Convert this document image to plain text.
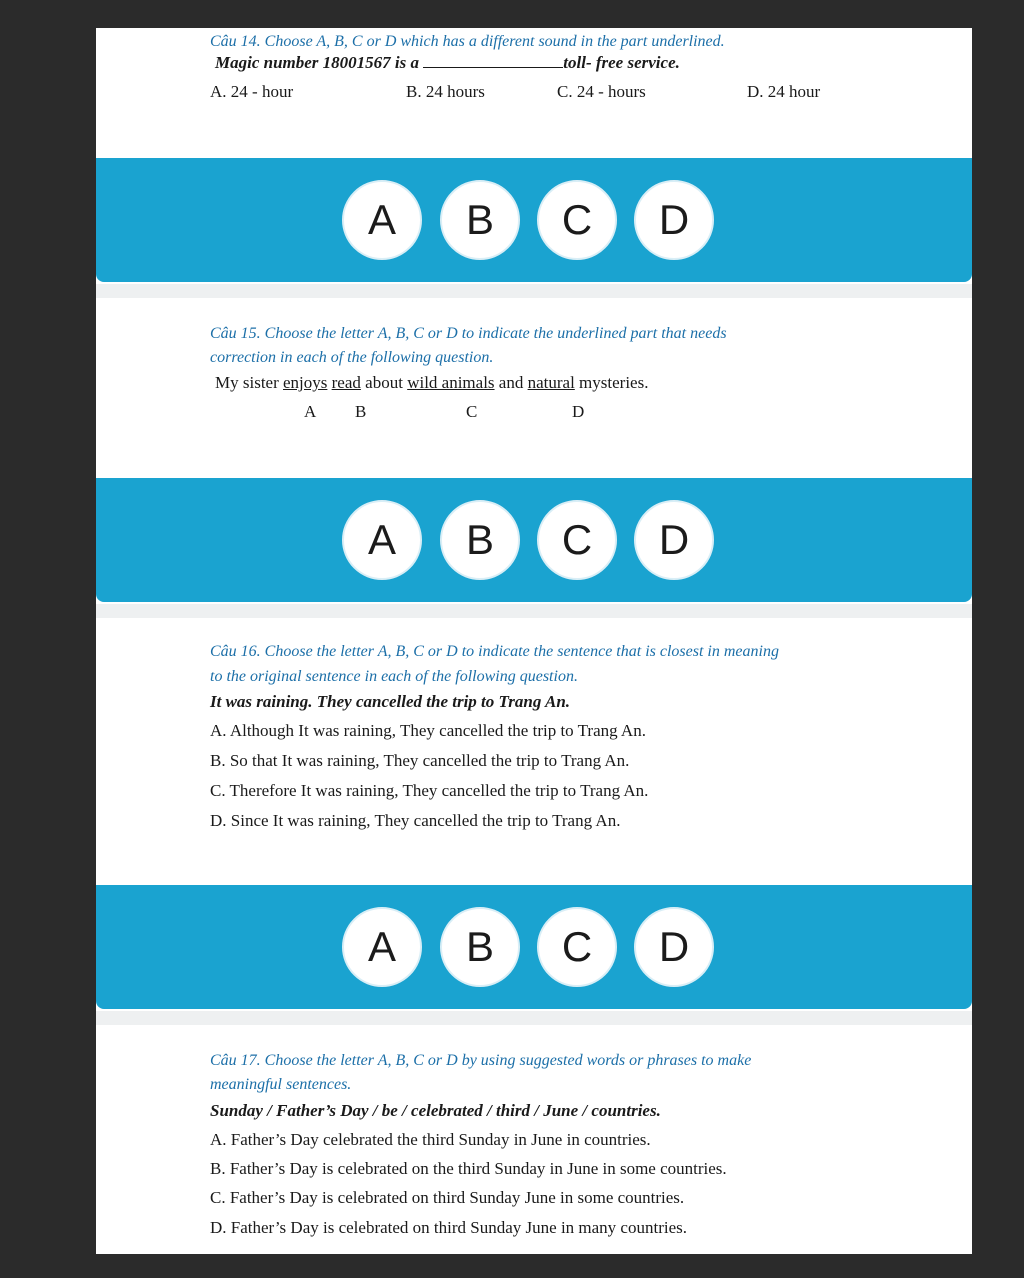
Câu 14. Choose A, B, C or D which has a different sound in the part underlined.
Magic number 18001567 is a	toll- free service.
A. 24 - hour	B. 24 hours	C. 24 - hours	D. 24 hour
A	B	C	D
Câu 15. Choose the letter A, B, C or D to indicate the underlined part that needs
correction in each of the following question.
My sister enjoys read about wild animals and natural mysteries.
A B	C	D
A	B	C	D
Câu 16. Choose the letter A, B, C or D to indicate the sentence that is closest in meaning
to the original sentence in each of the following question.
It was raining. They cancelled the trip to Trang An.
A. Although It was raining, They cancelled the trip to Trang An.
B. So that It was raining, They cancelled the trip to Trang An.
C. Therefore It was raining, They cancelled the trip to Trang An.
D. Since It was raining, They cancelled the trip to Trang An.
A	B	C	D
Câu 17. Choose the letter A, B, C or D by using suggested words or phrases to make
meaningful sentences.
Sunday / Father’s Day / be / celebrated / third / June / countries.
A. Father’s Day celebrated the third Sunday in June in countries.
B. Father’s Day is celebrated on the third Sunday in June in some countries.
C. Father’s Day is celebrated on third Sunday June in some countries.
D. Father’s Day is celebrated on third Sunday June in many countries.
